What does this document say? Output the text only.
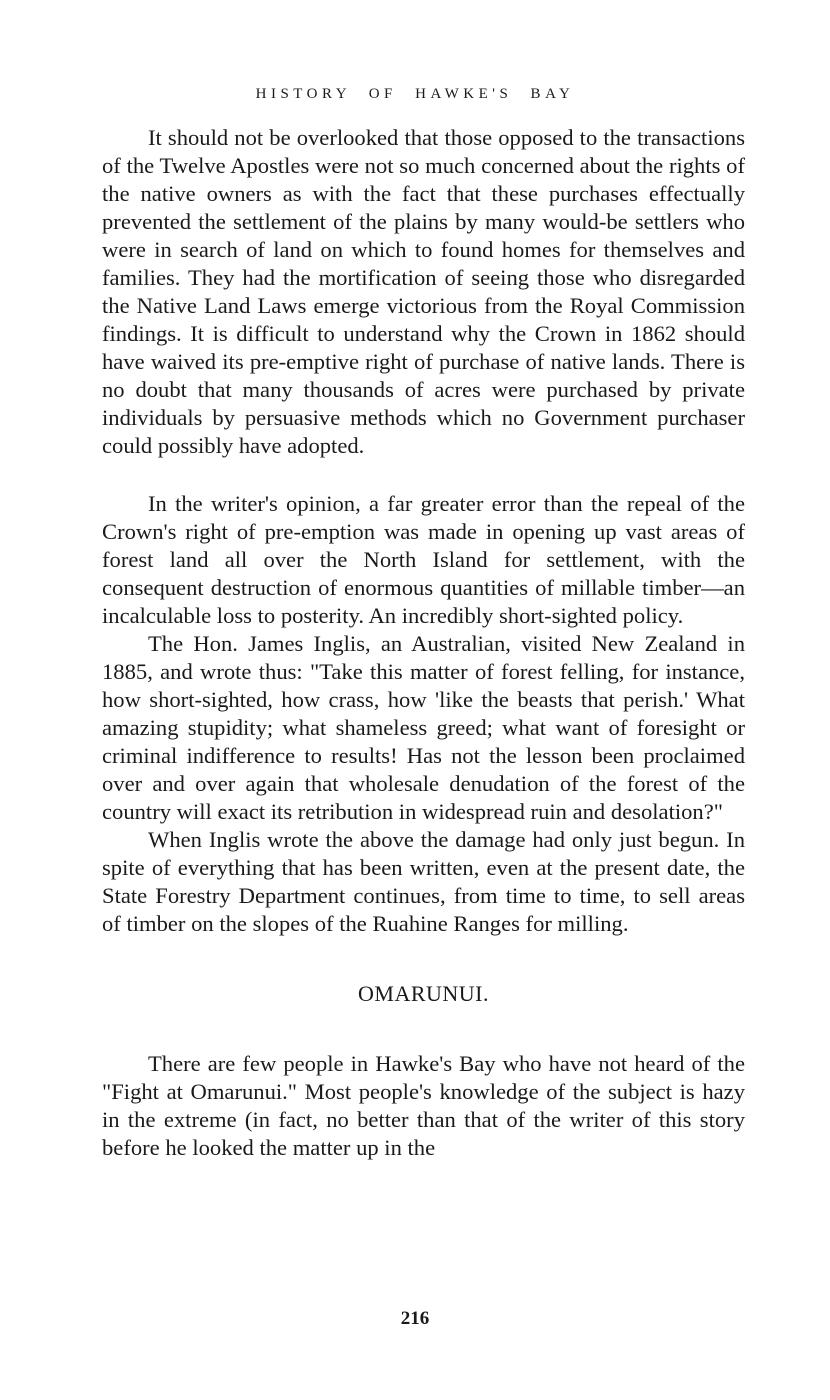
HISTORY OF HAWKE'S BAY

It should not be overlooked that those opposed to the transactions of the Twelve Apostles were not so much concerned about the rights of the native owners as with the fact that these purchases effectually prevented the settlement of the plains by many would-be settlers who were in search of land on which to found homes for themselves and families. They had the mortification of seeing those who disregarded the Native Land Laws emerge victorious from the Royal Commission findings. It is difficult to understand why the Crown in 1862 should have waived its pre-emptive right of purchase of native lands. There is no doubt that many thousands of acres were purchased by private individuals by persuasive methods which no Government purchaser could possibly have adopted.

In the writer's opinion, a far greater error than the repeal of the Crown's right of pre-emption was made in opening up vast areas of forest land all over the North Island for settlement, with the consequent destruction of enormous quantities of millable timber—an incalculable loss to posterity. An incredibly short-sighted policy.

The Hon. James Inglis, an Australian, visited New Zealand in 1885, and wrote thus: "Take this matter of forest felling, for instance, how short-sighted, how crass, how 'like the beasts that perish.' What amazing stupidity; what shameless greed; what want of foresight or criminal indifference to results! Has not the lesson been proclaimed over and over again that wholesale denudation of the forest of the country will exact its retribution in widespread ruin and desolation?"

When Inglis wrote the above the damage had only just begun. In spite of everything that has been written, even at the present date, the State Forestry Department continues, from time to time, to sell areas of timber on the slopes of the Ruahine Ranges for milling.

OMARUNUI.

There are few people in Hawke's Bay who have not heard of the "Fight at Omarunui." Most people's knowledge of the subject is hazy in the extreme (in fact, no better than that of the writer of this story before he looked the matter up in the

216
